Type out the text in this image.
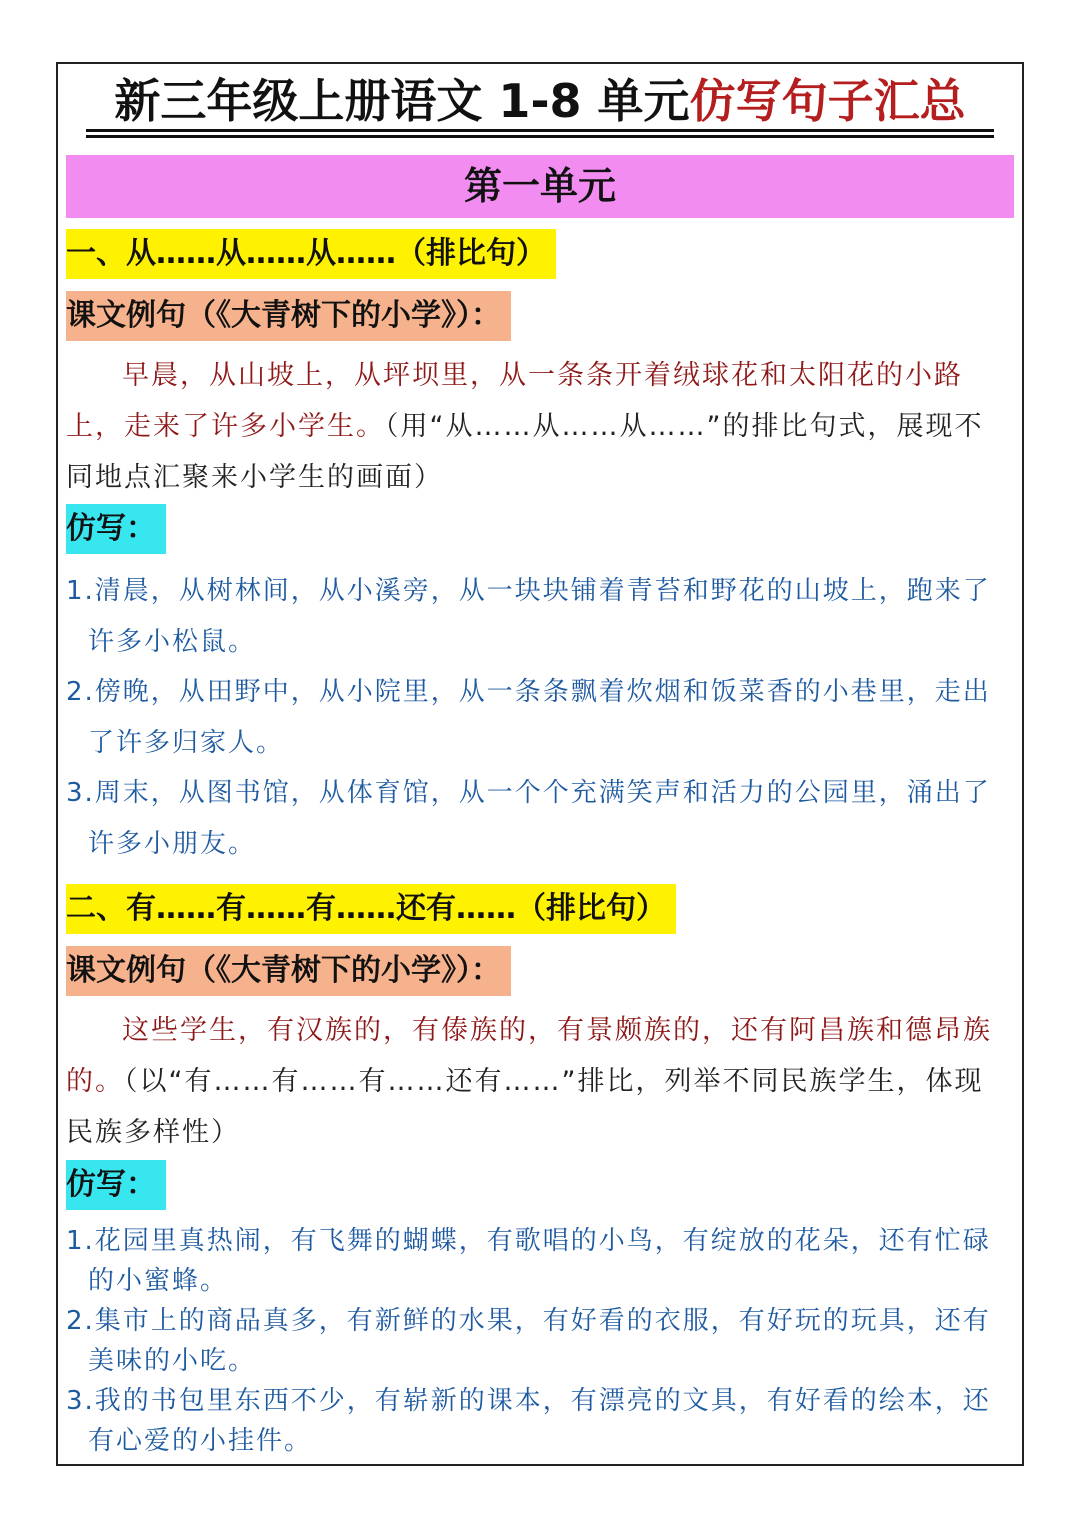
新三年级上册语文 1-8 单元仿写句子汇总
第一单元
一、从……从……从……（排比句）
课文例句（《大青树下的小学》）：
早晨，从山坡上，从坪坝里，从一条条开着绒球花和太阳花的小路上，走来了许多小学生。（用“从……从……从……”的排比句式，展现不同地点汇聚来小学生的画面）
仿写：
1.清晨，从树林间，从小溪旁，从一块块铺着青苔和野花的山坡上，跑来了许多小松鼠。
2.傍晚，从田野中，从小院里，从一条条飘着炊烟和饭菜香的小巷里，走出了许多归家人。
3.周末，从图书馆，从体育馆，从一个个充满笑声和活力的公园里，涌出了许多小朋友。
二、有……有……有……还有……（排比句）
课文例句（《大青树下的小学》）：
这些学生，有汉族的，有傣族的，有景颇族的，还有阿昌族和德昂族的。（以“有……有……有……还有……”排比，列举不同民族学生，体现民族多样性）
仿写：
1.花园里真热闹，有飞舞的蝴蝶，有歌唱的小鸟，有绽放的花朵，还有忙碌的小蜜蜂。
2.集市上的商品真多，有新鲜的水果，有好看的衣服，有好玩的玩具，还有美味的小吃。
3.我的书包里东西不少，有崭新的课本，有漂亮的文具，有好看的绘本，还有心爱的小挂件。
